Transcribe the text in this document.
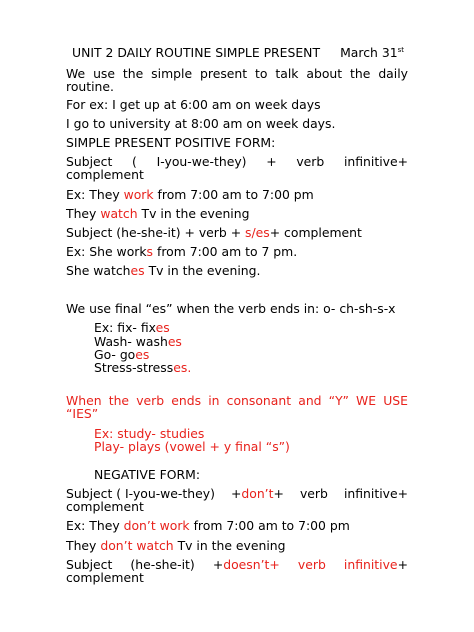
UNIT 2 DAILY ROUTINE SIMPLE PRESENT March 31st
We use the simple present to talk about the daily
routine.
For ex: I get up at 6:00 am on week days
I go to university at 8:00 am on week days.
SIMPLE PRESENT POSITIVE FORM:
Subject ( I-you-we-they) + verb infinitive+
complement
Ex: They work from 7:00 am to 7:00 pm
They watch Tv in the evening
Subject (he-she-it) + verb + s/es+ complement
Ex: She works from 7:00 am to 7 pm.
She watches Tv in the evening.
We use final “es” when the verb ends in: o- ch-sh-s-x
Ex: fix- fixes
Wash- washes
Go- goes
Stress-stresses.
When the verb ends in consonant and “Y” WE USE
“IES”
Ex: study- studies
Play- plays (vowel + y final “s”)
NEGATIVE FORM:
Subject ( I-you-we-they) +don’t+ verb infinitive+
complement
Ex: They don’t work from 7:00 am to 7:00 pm
They don’t watch Tv in the evening
Subject (he-she-it) +doesn’t+ verb infinitive+
complement
